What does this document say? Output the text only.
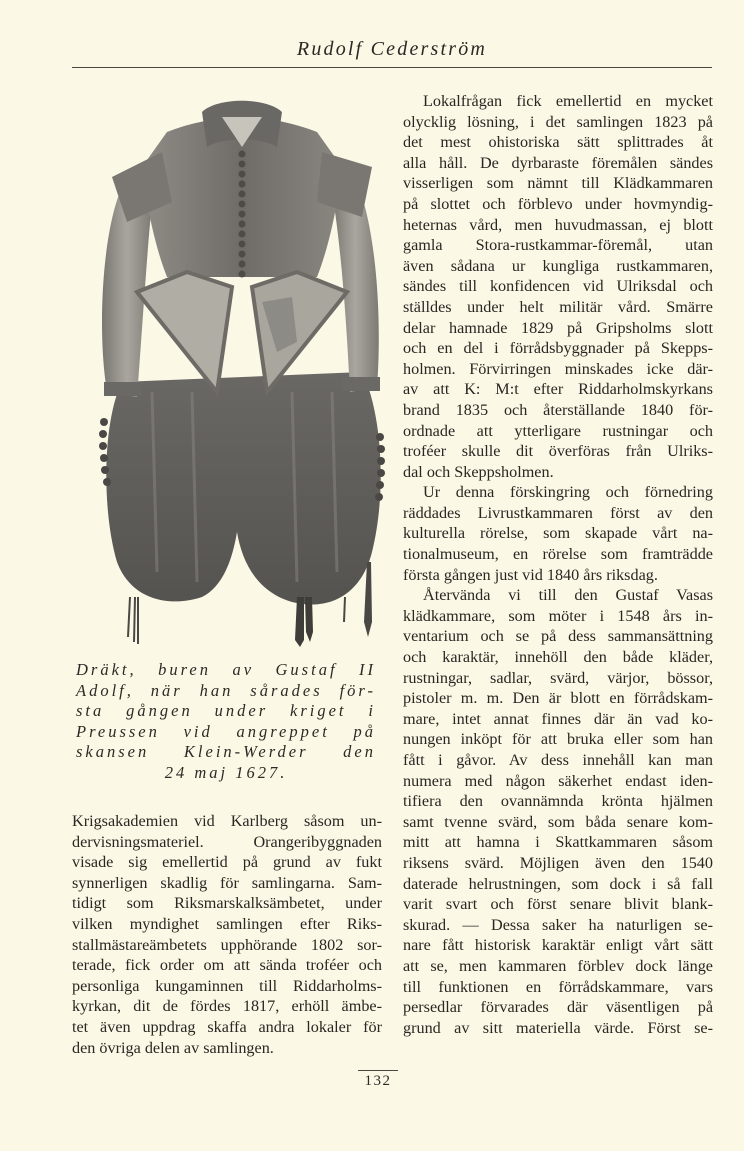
Rudolf Cederström
Dräkt, buren av Gustaf II
Adolf, när han sårades för-
sta gången under kriget i
Preussen vid angreppet på
skansen Klein-Werder den
24 maj 1627.
Krigsakademien vid Karlberg såsom un-
dervisningsmateriel. Orangeribyggnaden
visade sig emellertid på grund av fukt
synnerligen skadlig för samlingarna. Sam-
tidigt som Riksmarskalksämbetet, under
vilken myndighet samlingen efter Riks-
stallmästareämbetets upphörande 1802 sor-
terade, fick order om att sända troféer och
personliga kungaminnen till Riddarholms-
kyrkan, dit de fördes 1817, erhöll ämbe-
tet även uppdrag skaffa andra lokaler för
den övriga delen av samlingen.
Lokalfrågan fick emellertid en mycket
olycklig lösning, i det samlingen 1823 på
det mest ohistoriska sätt splittrades åt
alla håll. De dyrbaraste föremålen sändes
visserligen som nämnt till Klädkammaren
på slottet och förblevo under hovmyndig-
heternas vård, men huvudmassan, ej blott
gamla Stora-rustkammar-föremål, utan
även sådana ur kungliga rustkammaren,
sändes till konfidencen vid Ulriksdal och
ställdes under helt militär vård. Smärre
delar hamnade 1829 på Gripsholms slott
och en del i förrådsbyggnader på Skepps-
holmen. Förvirringen minskades icke där-
av att K: M:t efter Riddarholmskyrkans
brand 1835 och återställande 1840 för-
ordnade att ytterligare rustningar och
troféer skulle dit överföras från Ulriks-
dal och Skeppsholmen.
Ur denna förskingring och förnedring
räddades Livrustkammaren först av den
kulturella rörelse, som skapade vårt na-
tionalmuseum, en rörelse som framträdde
första gången just vid 1840 års riksdag.
Återvända vi till den Gustaf Vasas
klädkammare, som möter i 1548 års in-
ventarium och se på dess sammansättning
och karaktär, innehöll den både kläder,
rustningar, sadlar, svärd, värjor, bössor,
pistoler m. m. Den är blott en förrådskam-
mare, intet annat finnes där än vad ko-
nungen inköpt för att bruka eller som han
fått i gåvor. Av dess innehåll kan man
numera med någon säkerhet endast iden-
tifiera den ovannämnda krönta hjälmen
samt tvenne svärd, som båda senare kom-
mitt att hamna i Skattkammaren såsom
riksens svärd. Möjligen även den 1540
daterade helrustningen, som dock i så fall
varit svart och först senare blivit blank-
skurad. — Dessa saker ha naturligen se-
nare fått historisk karaktär enligt vårt sätt
att se, men kammaren förblev dock länge
till funktionen en förrådskammare, vars
persedlar förvarades där väsentligen på
grund av sitt materiella värde. Först se-
132
